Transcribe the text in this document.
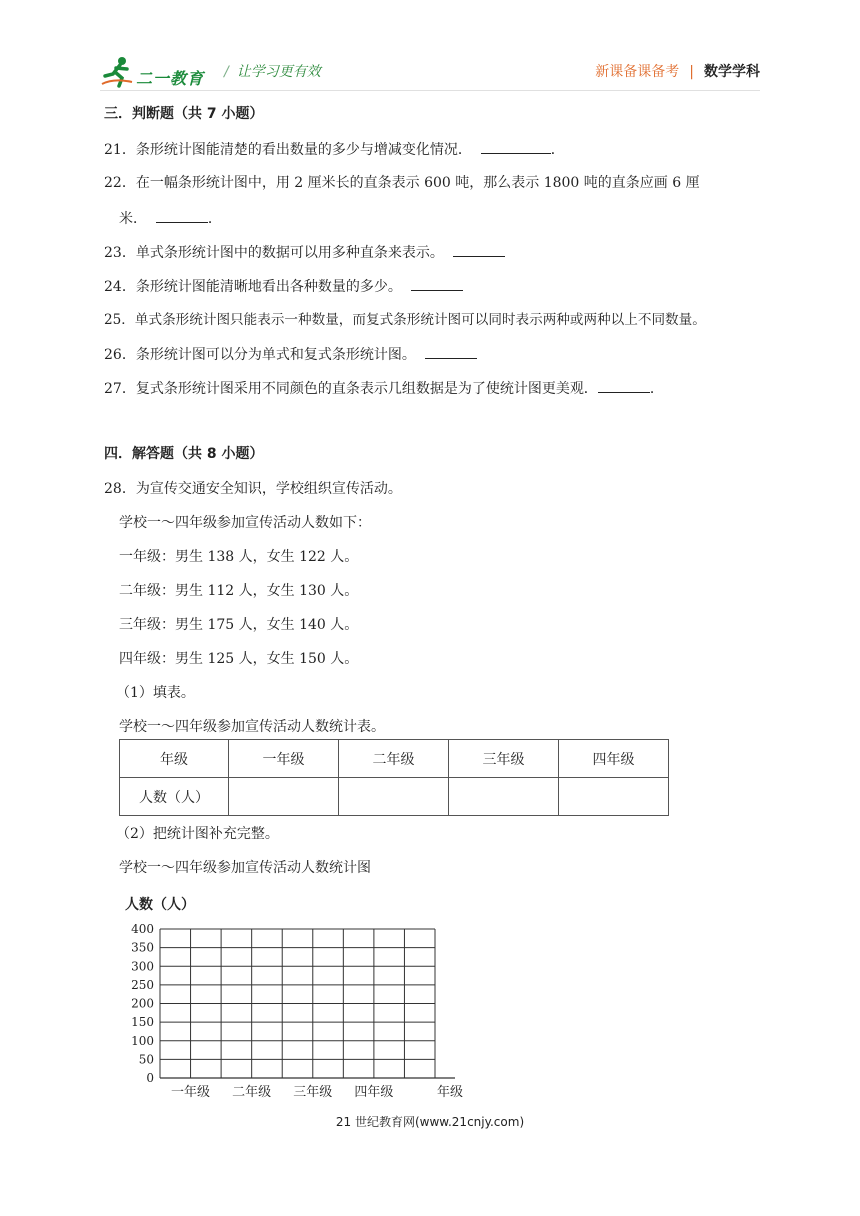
二一教育 / 让学习更有效	新课备课备考 | 数学学科
三．判断题（共 7 小题）
21．条形统计图能清楚的看出数量的多少与增减变化情况．	．
22．在一幅条形统计图中，用 2 厘米长的直条表示 600 吨，那么表示 1800 吨的直条应画 6 厘
米．	．
23．单式条形统计图中的数据可以用多种直条来表示。
24．条形统计图能清晰地看出各种数量的多少。
25．单式条形统计图只能表示一种数量，而复式条形统计图可以同时表示两种或两种以上不同数量。
26．条形统计图可以分为单式和复式条形统计图。
27．复式条形统计图采用不同颜色的直条表示几组数据是为了使统计图更美观．	．
四．解答题（共 8 小题）
28．为宣传交通安全知识，学校组织宣传活动。
学校一～四年级参加宣传活动人数如下：
一年级：男生 138 人，女生 122 人。
二年级：男生 112 人，女生 130 人。
三年级：男生 175 人，女生 140 人。
四年级：男生 125 人，女生 150 人。
（1）填表。
学校一～四年级参加宣传活动人数统计表。
年级	一年级	二年级	三年级	四年级
人数（人）				
（2）把统计图补充完整。
学校一～四年级参加宣传活动人数统计图
0
50
100
150
200
250
300
350
400
人数（人）
一年级 二年级 三年级 四年级	年级
21 世纪教育网(www.21cnjy.com)
